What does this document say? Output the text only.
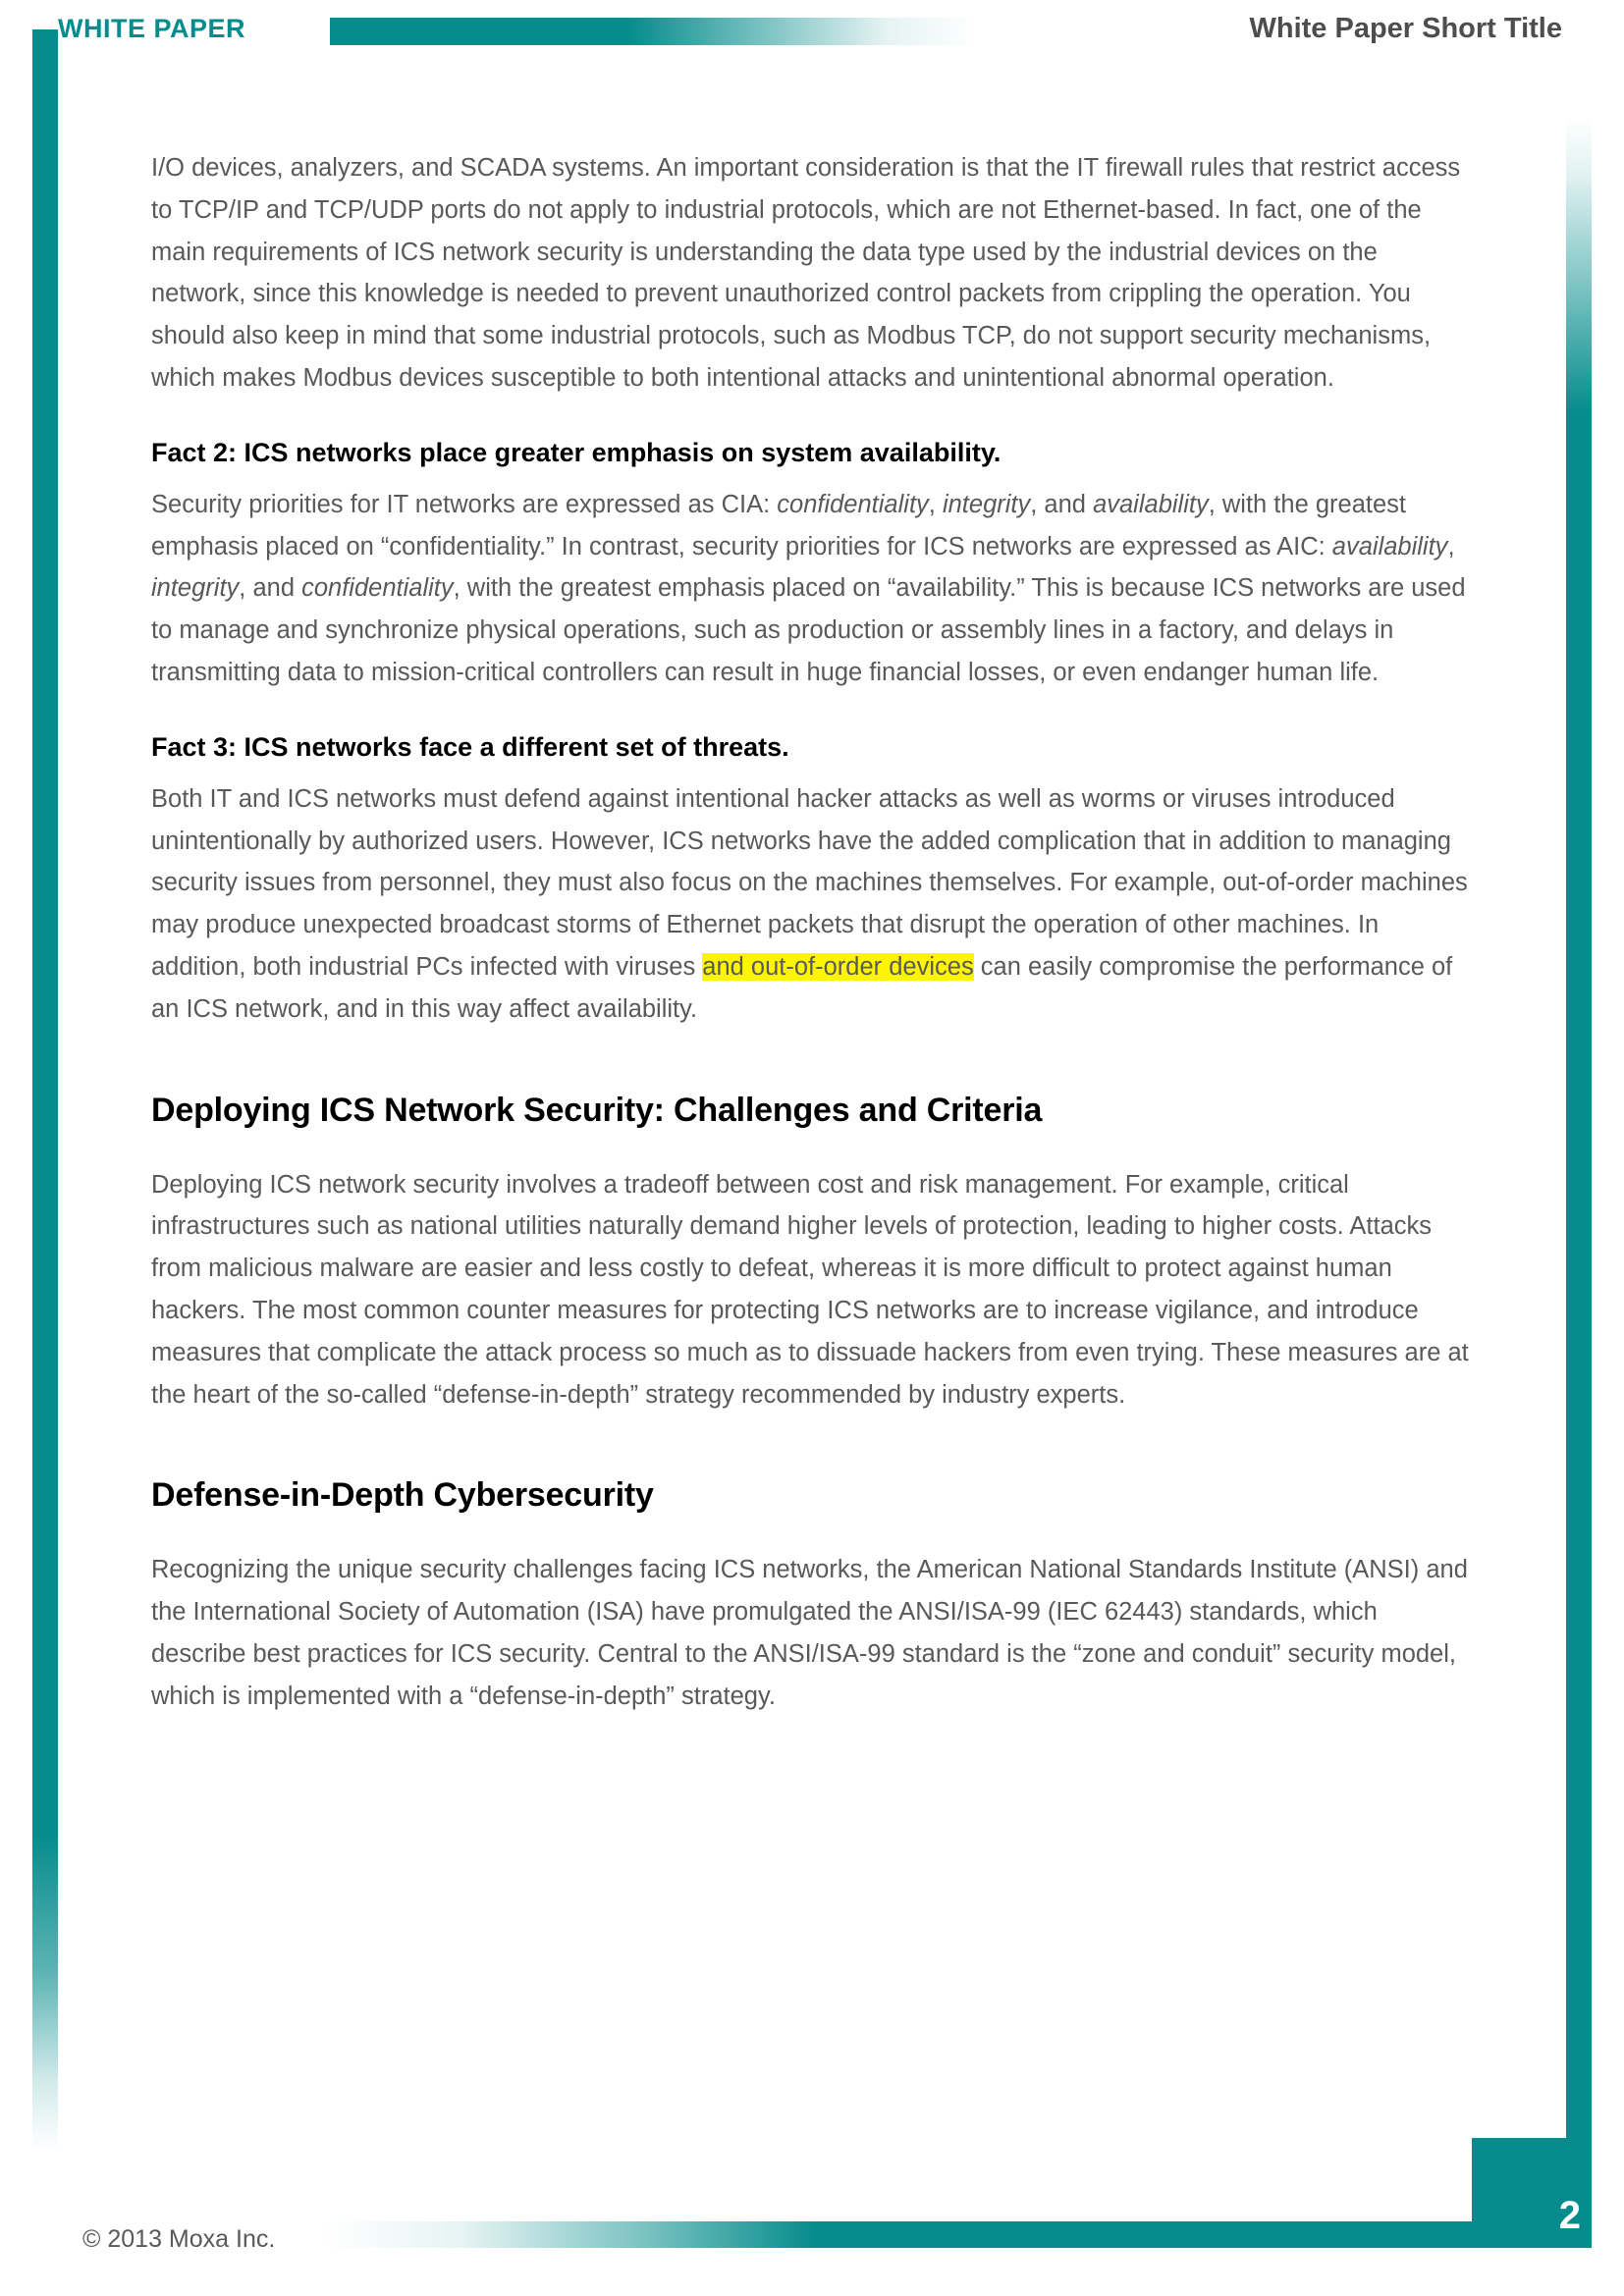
WHITE PAPER	White Paper Short Title

I/O devices, analyzers, and SCADA systems. An important consideration is that the IT firewall rules that restrict access to TCP/IP and TCP/UDP ports do not apply to industrial protocols, which are not Ethernet-based. In fact, one of the main requirements of ICS network security is understanding the data type used by the industrial devices on the network, since this knowledge is needed to prevent unauthorized control packets from crippling the operation. You should also keep in mind that some industrial protocols, such as Modbus TCP, do not support security mechanisms, which makes Modbus devices susceptible to both intentional attacks and unintentional abnormal operation.

Fact 2: ICS networks place greater emphasis on system availability.

Security priorities for IT networks are expressed as CIA: confidentiality, integrity, and availability, with the greatest emphasis placed on “confidentiality.” In contrast, security priorities for ICS networks are expressed as AIC: availability, integrity, and confidentiality, with the greatest emphasis placed on “availability.” This is because ICS networks are used to manage and synchronize physical operations, such as production or assembly lines in a factory, and delays in transmitting data to mission-critical controllers can result in huge financial losses, or even endanger human life.

Fact 3: ICS networks face a different set of threats.

Both IT and ICS networks must defend against intentional hacker attacks as well as worms or viruses introduced unintentionally by authorized users. However, ICS networks have the added complication that in addition to managing security issues from personnel, they must also focus on the machines themselves. For example, out-of-order machines may produce unexpected broadcast storms of Ethernet packets that disrupt the operation of other machines. In addition, both industrial PCs infected with viruses and out-of-order devices can easily compromise the performance of an ICS network, and in this way affect availability.

Deploying ICS Network Security: Challenges and Criteria

Deploying ICS network security involves a tradeoff between cost and risk management. For example, critical infrastructures such as national utilities naturally demand higher levels of protection, leading to higher costs. Attacks from malicious malware are easier and less costly to defeat, whereas it is more difficult to protect against human hackers. The most common counter measures for protecting ICS networks are to increase vigilance, and introduce measures that complicate the attack process so much as to dissuade hackers from even trying. These measures are at the heart of the so-called “defense-in-depth” strategy recommended by industry experts.

Defense-in-Depth Cybersecurity

Recognizing the unique security challenges facing ICS networks, the American National Standards Institute (ANSI) and the International Society of Automation (ISA) have promulgated the ANSI/ISA-99 (IEC 62443) standards, which describe best practices for ICS security. Central to the ANSI/ISA-99 standard is the “zone and conduit” security model, which is implemented with a “defense-in-depth” strategy.

© 2013 Moxa Inc.
2
